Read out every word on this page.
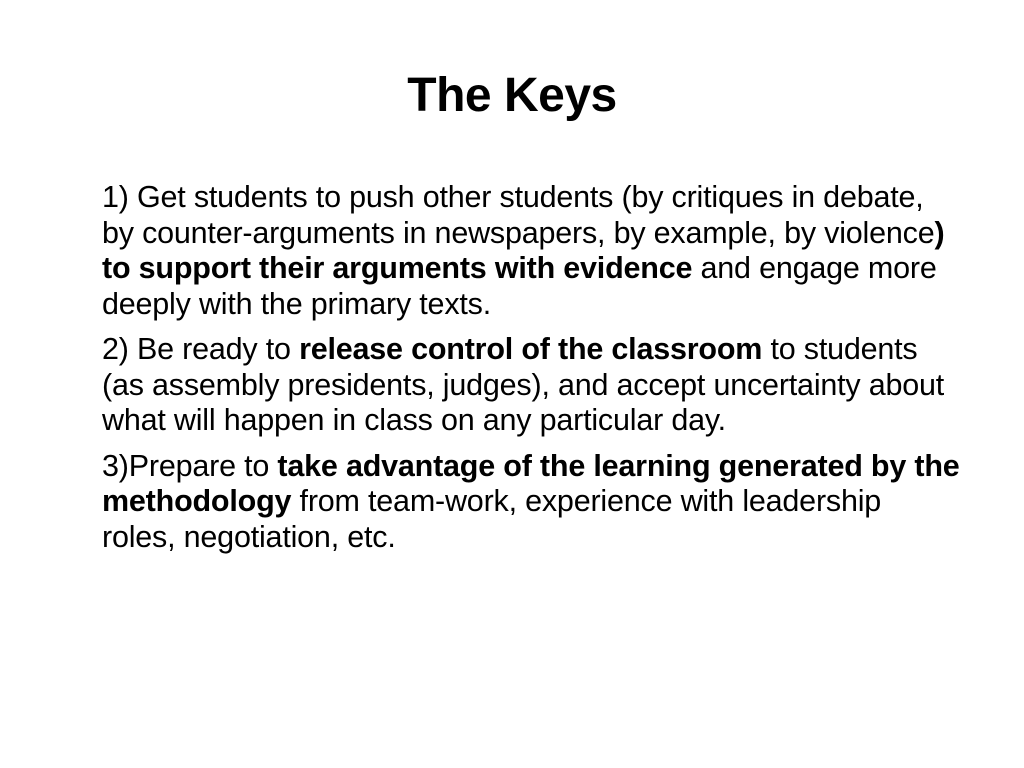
The Keys

1) Get students to push other students (by critiques in debate, by counter-arguments in newspapers, by example, by violence) to support their arguments with evidence and engage more deeply with the primary texts.

2) Be ready to release control of the classroom to students (as assembly presidents, judges), and accept uncertainty about what will happen in class on any particular day.

3)Prepare to take advantage of the learning generated by the methodology from team-work, experience with leadership roles, negotiation, etc.
